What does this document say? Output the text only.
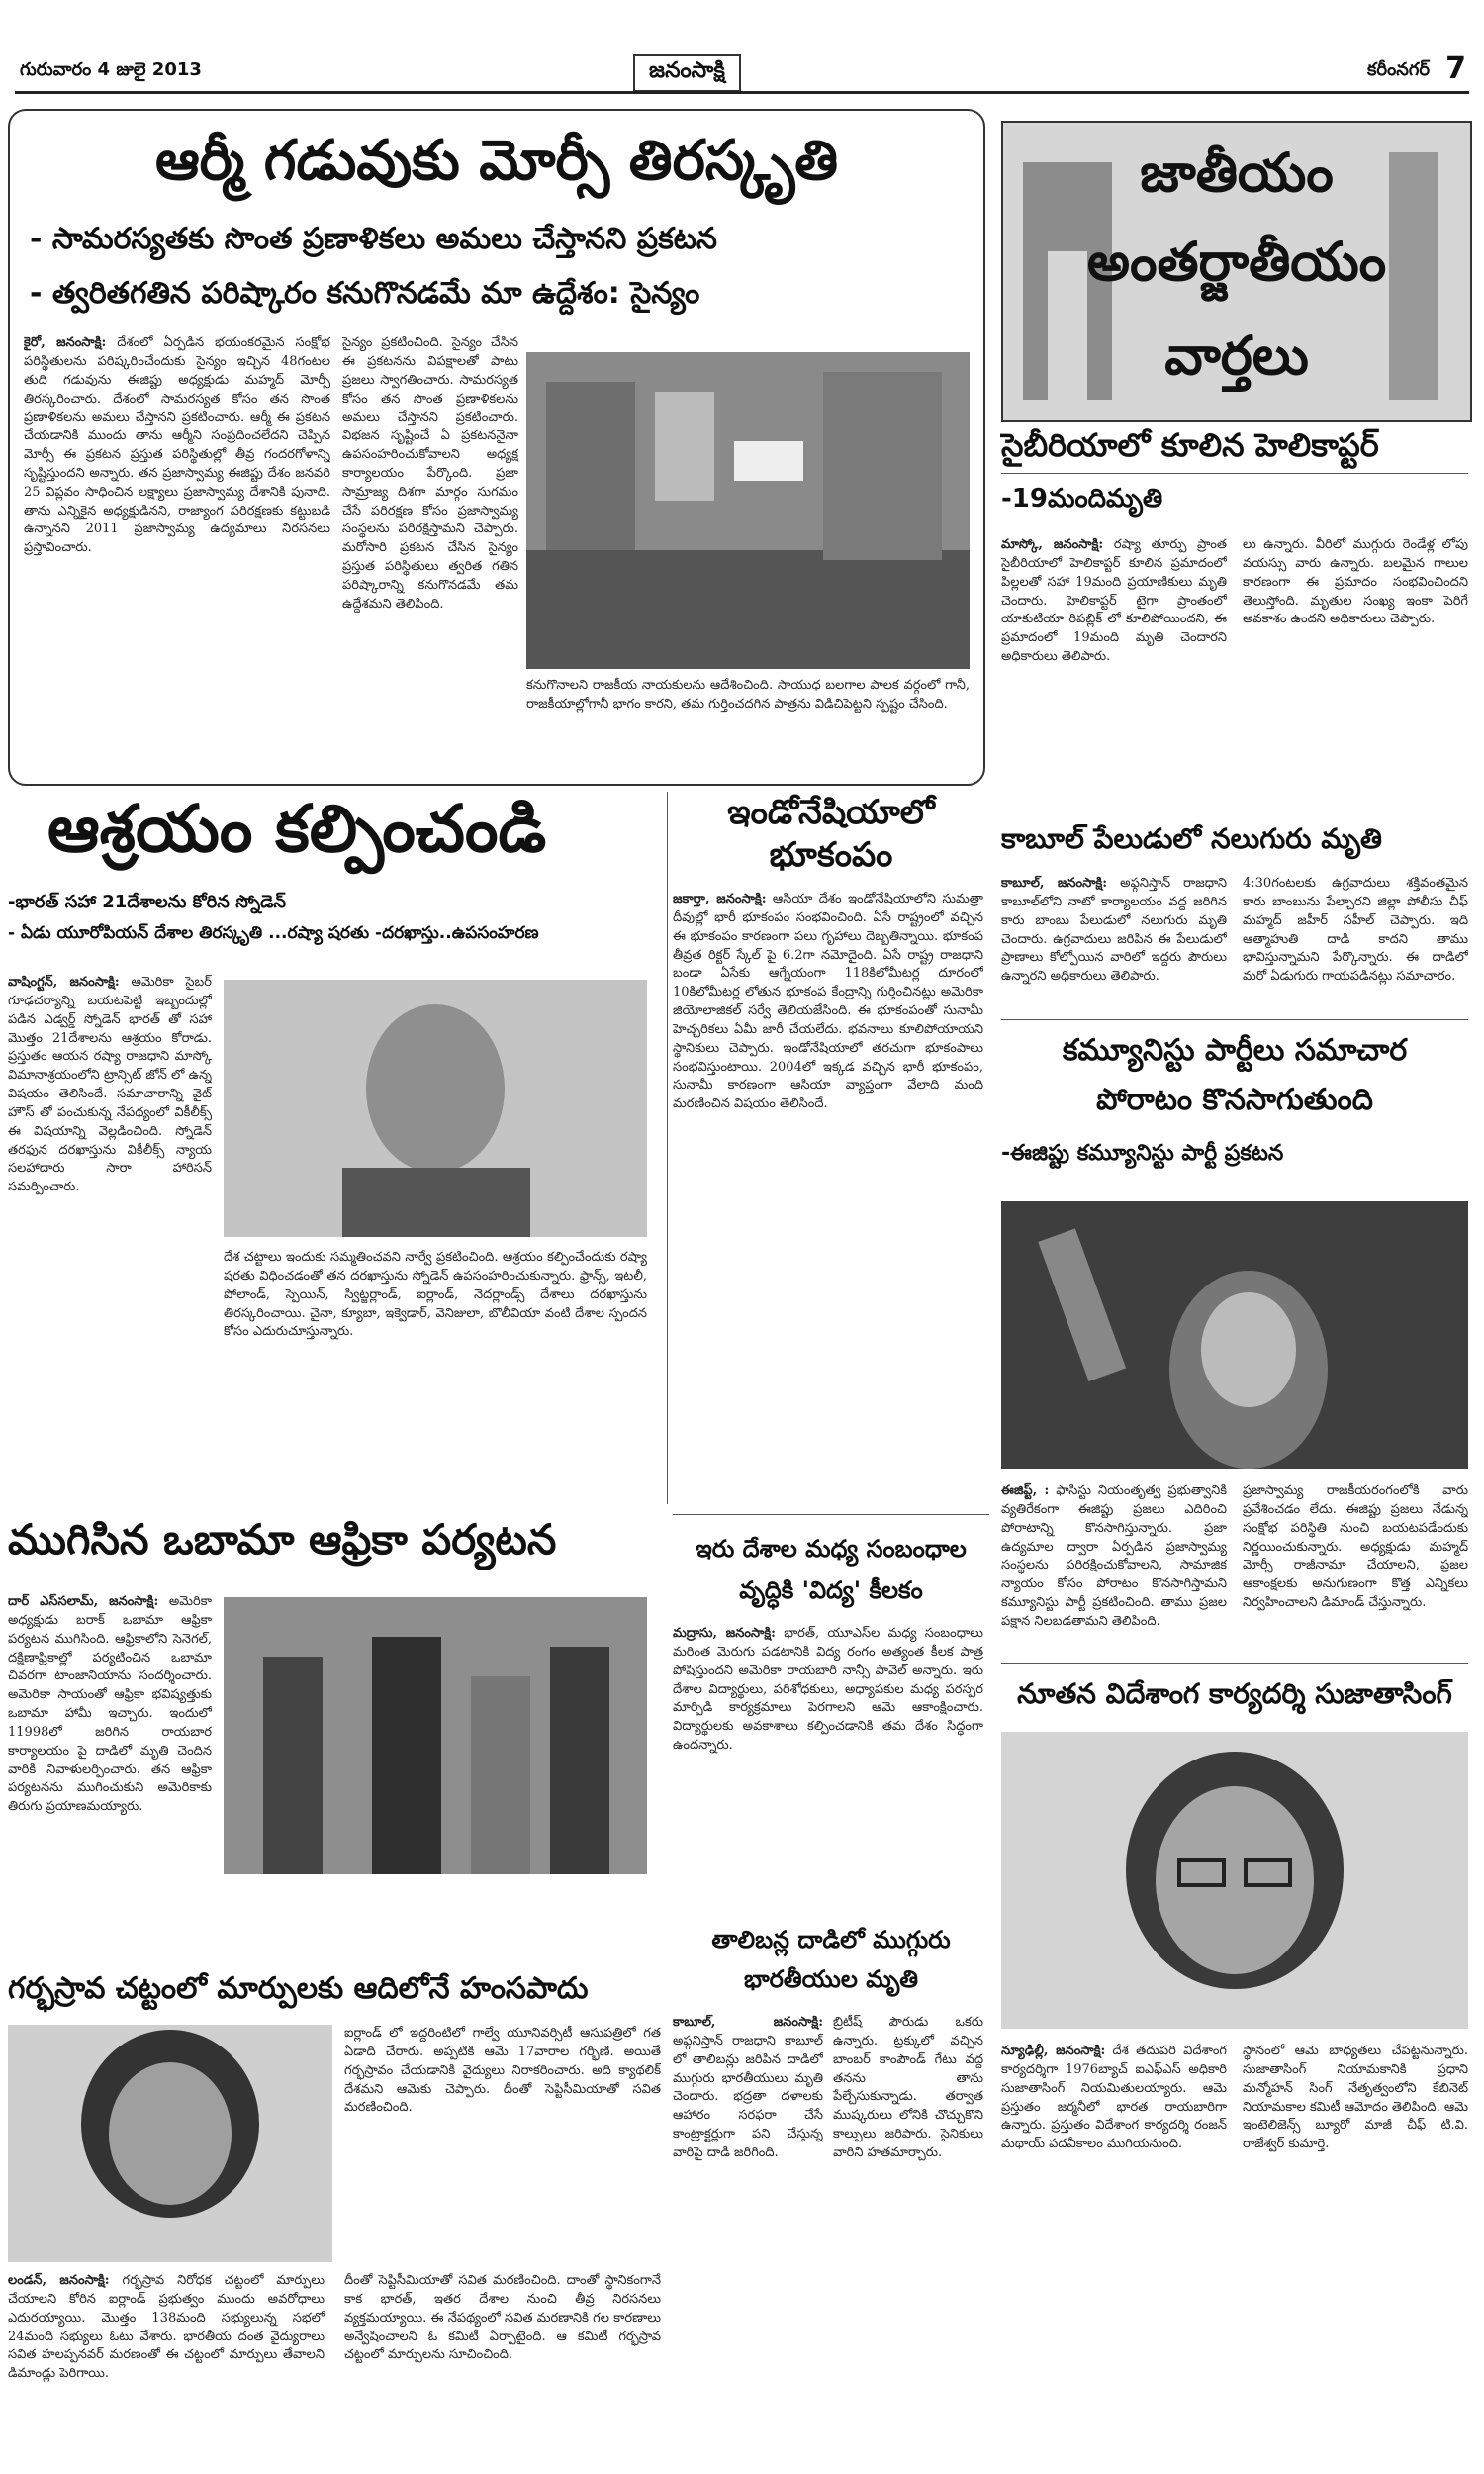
గురువారం 4 జులై 2013	జనంసాక్షి	కరీంనగర్ 7
ఆర్మీ గడువుకు మోర్సీ తిరస్కృతి
- సామరస్యతకు సొంత ప్రణాళికలు అమలు చేస్తానని ప్రకటన
- త్వరితగతిన పరిష్కారం కనుగొనడమే మా ఉద్దేశం: సైన్యం
కైరో, జనంసాక్షి: దేశంలో ఏర్పడిన భయంకరమైన సంక్షోభ పరిస్థితులను పరిష్కరించేందుకు సైన్యం ఇచ్చిన 48గంటల తుది గడువును ఈజిప్టు అధ్యక్షుడు మహ్మద్ మోర్సీ తిరస్కరించారు. దేశంలో సామరస్యత కోసం తన సొంత ప్రణాళికలను అమలు చేస్తానని ప్రకటించారు. ఆర్మీ ఈ ప్రకటన చేయడానికి ముందు తాను ఆర్మీని సంప్రదించలేదని చెప్పిన మోర్సీ ఈ ప్రకటన ప్రస్తుత పరిస్థితుల్లో తీవ్ర గందరగోళాన్ని సృష్టిస్తుందని అన్నారు. తన ప్రజాస్వామ్య ఈజిప్టు దేశం జనవరి 25 విప్లవం సాధించిన లక్ష్యాలు ప్రజాస్వామ్య దేశానికి పునాది. తాను ఎన్నికైన అధ్యక్షుడినని, రాజ్యాంగ పరిరక్షణకు కట్టుబడి ఉన్నానని 2011 ప్రజాస్వామ్య ఉద్యమాలు నిరసనలు ప్రస్తావించారు.
సైన్యం ప్రకటించింది. సైన్యం చేసిన ఈ ప్రకటనను విపక్షాలతో పాటు ప్రజలు స్వాగతించారు. సామరస్యత కోసం తన సొంత ప్రణాళికలను అమలు చేస్తానని ప్రకటించారు. విభజన సృష్టించే ఏ ప్రకటననైనా ఉపసంహరించుకోవాలని అధ్యక్ష కార్యాలయం పేర్కొంది. ప్రజా సామ్రాజ్య దిశగా మార్గం సుగమం చేసే పరిరక్షణ కోసం ప్రజాస్వామ్య సంస్థలను పరిరక్షిస్తామని చెప్పారు. మరోసారి ప్రకటన చేసిన సైన్యం ప్రస్తుత పరిస్థితులు త్వరిత గతిన పరిష్కారాన్ని కనుగొనడమే తమ ఉద్దేశమని తెలిపింది.
కనుగొనాలని రాజకీయ నాయకులను ఆదేశించింది. సాయుధ బలగాల పాలక వర్గంలో గానీ, రాజకీయాల్లోగానీ భాగం కారని, తమ గుర్తించదగిన పాత్రను విడిచిపెట్టని స్పష్టం చేసింది.
జాతీయం
అంతర్జాతీయం
వార్తలు
సైబీరియాలో కూలిన హెలికాప్టర్
-19మందిమృతి
మాస్కో, జనంసాక్షి: రష్యా తూర్పు ప్రాంత సైబీరియాలో హెలికాప్టర్ కూలిన ప్రమాదంలో పిల్లలతో సహా 19మంది ప్రయాణికులు మృతి చెందారు. హెలికాప్టర్ టైగా ప్రాంతంలో యాకుటియా రిపబ్లిక్ లో కూలిపోయిందని, ఈ ప్రమాదంలో 19మంది మృతి చెందారని అధికారులు తెలిపారు.
లు ఉన్నారు. వీరిలో ముగ్గురు రెండేళ్ల లోపు వయస్సు వారు ఉన్నారు. బలమైన గాలుల కారణంగా ఈ ప్రమాదం సంభవించిందని తెలుస్తోంది. మృతుల సంఖ్య ఇంకా పెరిగే అవకాశం ఉందని అధికారులు చెప్పారు.
కాబూల్ పేలుడులో నలుగురు మృతి
కాబూల్, జనంసాక్షి: అఫ్గనిస్తాన్ రాజధాని కాబూల్‌లోని నాటో కార్యాలయం వద్ద జరిగిన కారు బాంబు పేలుడులో నలుగురు మృతి చెందారు. ఉగ్రవాదులు జరిపిన ఈ పేలుడులో ప్రాణాలు కోల్పోయిన వారిలో ఇద్దరు పౌరులు ఉన్నారని అధికారులు తెలిపారు.
4:30గంటలకు ఉగ్రవాదులు శక్తివంతమైన కారు బాంబును పేల్చారని జిల్లా పోలీసు చీఫ్ మహ్మద్ జహీర్ సహీల్ చెప్పారు. ఇది ఆత్మాహుతి దాడి కాదని తాము భావిస్తున్నామని పేర్కొన్నారు. ఈ దాడిలో మరో ఏడుగురు గాయపడినట్లు సమాచారం.
కమ్యూనిస్టు పార్టీలు సమాచార
పోరాటం కొనసాగుతుంది
-ఈజిప్టు కమ్యూనిస్టు పార్టీ ప్రకటన
ఈజిప్ట్, : ఫాసిస్టు నియంతృత్వ ప్రభుత్వానికి వ్యతిరేకంగా ఈజిప్టు ప్రజలు ఎదిరించి పోరాటాన్ని కొనసాగిస్తున్నారు. ప్రజా ఉద్యమాల ద్వారా ఏర్పడిన ప్రజాస్వామ్య సంస్థలను పరిరక్షించుకోవాలని, సామాజిక న్యాయం కోసం పోరాటం కొనసాగిస్తామని కమ్యూనిస్టు పార్టీ ప్రకటించింది. తాము ప్రజల పక్షాన నిలబడతామని తెలిపింది.
ప్రజాస్వామ్య రాజకీయరంగంలోకి వారు ప్రవేశించడం లేదు. ఈజిప్టు ప్రజలు నేడున్న సంక్షోభ పరిస్థితి నుంచి బయటపడేందుకు నిర్ణయించుకున్నారు. అధ్యక్షుడు మహ్మద్ మోర్సీ రాజీనామా చేయాలని, ప్రజల ఆకాంక్షలకు అనుగుణంగా కొత్త ఎన్నికలు నిర్వహించాలని డిమాండ్ చేస్తున్నారు.
ఆశ్రయం కల్పించండి
-భారత్ సహా 21దేశాలను కోరిన స్నోడెన్
- ఏడు యూరోపియన్ దేశాల తిరస్కృతి ...రష్యా షరతు -దరఖాస్తు..ఉపసంహరణ
వాషింగ్టన్, జనంసాక్షి: అమెరికా సైబర్ గూఢచర్యాన్ని బయటపెట్టి ఇబ్బందుల్లో పడిన ఎడ్వర్డ్ స్నోడెన్ భారత్ తో సహా మొత్తం 21దేశాలను ఆశ్రయం కోరాడు. ప్రస్తుతం ఆయన రష్యా రాజధాని మాస్కో విమానాశ్రయంలోని ట్రాన్సిట్ జోన్ లో ఉన్న విషయం తెలిసిందే. సమాచారాన్ని వైట్ హౌస్ తో పంచుకున్న నేపథ్యంలో వికీలీక్స్ ఈ విషయాన్ని వెల్లడించింది. స్నోడెన్ తరఫున దరఖాస్తును వికీలీక్స్ న్యాయ సలహాదారు సారా హారిసన్ సమర్పించారు.
దేశ చట్టాలు ఇందుకు సమ్మతించవని నార్వే ప్రకటించింది. ఆశ్రయం కల్పించేందుకు రష్యా షరతు విధించడంతో తన దరఖాస్తును స్నోడెన్ ఉపసంహరించుకున్నారు. ఫ్రాన్స్, ఇటలీ, పోలాండ్, స్పెయిన్, స్విట్జర్లాండ్, ఐర్లాండ్, నెదర్లాండ్స్ దేశాలు దరఖాస్తును తిరస్కరించాయి. చైనా, క్యూబా, ఇక్వెడార్, వెనిజులా, బొలీవియా వంటి దేశాల స్పందన కోసం ఎదురుచూస్తున్నారు.
ఇండోనేషియాలో భూకంపం
జకార్తా, జనంసాక్షి: ఆసియా దేశం ఇండోనేషియాలోని సుమత్రా దీవుల్లో భారీ భూకంపం సంభవించింది. ఏసే రాష్ట్రంలో వచ్చిన ఈ భూకంపం కారణంగా పలు గృహాలు దెబ్బతిన్నాయి. భూకంప తీవ్రత రిక్టర్ స్కేల్ పై 6.2గా నమోదైంది. ఏసే రాష్ట్ర రాజధాని బండా ఏసేకు ఆగ్నేయంగా 118కిలోమీటర్ల దూరంలో 10కిలోమీటర్ల లోతున భూకంప కేంద్రాన్ని గుర్తించినట్లు అమెరికా జియోలాజికల్ సర్వే తెలియజేసింది. ఈ భూకంపంతో సునామీ హెచ్చరికలు ఏమీ జారీ చేయలేదు. భవనాలు కూలిపోయాయని స్థానికులు చెప్పారు. ఇండోనేషియాలో తరచుగా భూకంపాలు సంభవిస్తుంటాయి. 2004లో ఇక్కడ వచ్చిన భారీ భూకంపం, సునామీ కారణంగా ఆసియా వ్యాప్తంగా వేలాది మంది మరణించిన విషయం తెలిసిందే.
ముగిసిన ఒబామా ఆఫ్రికా పర్యటన
దార్ ఎస్‌సలామ్, జనంసాక్షి: అమెరికా అధ్యక్షుడు బరాక్ ఒబామా ఆఫ్రికా పర్యటన ముగిసింది. ఆఫ్రికాలోని సెనెగల్, దక్షిణాఫ్రికాల్లో పర్యటించిన ఒబామా చివరగా టాంజానియాను సందర్శించారు. అమెరికా సాయంతో ఆఫ్రికా భవిష్యత్తుకు ఒబామా హామీ ఇచ్చారు. ఇందులో 11998లో జరిగిన రాయబార కార్యాలయం పై దాడిలో మృతి చెందిన వారికి నివాళులర్పించారు. తన ఆఫ్రికా పర్యటనను ముగించుకుని అమెరికాకు తిరుగు ప్రయాణమయ్యారు.
ఇరు దేశాల మధ్య సంబంధాల
వృద్ధికి 'విద్య' కీలకం
మద్రాసు, జనంసాక్షి: భారత్, యూఎస్‌ల మధ్య సంబంధాలు మరింత మెరుగు పడటానికి విద్య రంగం అత్యంత కీలక పాత్ర పోషిస్తుందని అమెరికా రాయబారి నాన్సీ పావెల్ అన్నారు. ఇరు దేశాల విద్యార్థులు, పరిశోధకులు, అధ్యాపకుల మధ్య పరస్పర మార్పిడి కార్యక్రమాలు పెరగాలని ఆమె ఆకాంక్షించారు. విద్యార్థులకు అవకాశాలు కల్పించడానికి తమ దేశం సిద్ధంగా ఉందన్నారు.
తాలిబన్ల దాడిలో ముగ్గురు
భారతీయుల మృతి
కాబూల్, జనంసాక్షి: అఫ్గనిస్తాన్ రాజధాని కాబూల్ లో తాలిబన్లు జరిపిన దాడిలో ముగ్గురు భారతీయులు మృతి చెందారు. భద్రతా దళాలకు ఆహారం సరఫరా చేసే కాంట్రాక్టర్లుగా పని చేస్తున్న వారిపై దాడి జరిగింది.
బ్రిటీష్ పౌరుడు ఒకరు ఉన్నారు. ట్రక్కులో వచ్చిన బాంబర్ కాంపౌండ్ గేటు వద్ద తనను తాను పేల్చేసుకున్నాడు. తర్వాత ముష్కరులు లోనికి చొచ్చుకొని కాల్పులు జరిపారు. సైనికులు వారిని హతమార్చారు.
గర్భస్రావ చట్టంలో మార్పులకు ఆదిలోనే హంసపాదు
ఐర్లాండ్ లో ఇద్దరింటిలో గాల్వే యూనివర్సిటీ ఆసుపత్రిలో గత ఏడాది చేరారు. అప్పటికి ఆమె 17వారాల గర్భిణి. అయితే గర్భస్రావం చేయడానికి వైద్యులు నిరాకరించారు. అది క్యాథలిక్ దేశమని ఆమెకు చెప్పారు. దీంతో సెప్టిసీమియాతో సవిత మరణించింది.
లండన్, జనంసాక్షి: గర్భస్రావ నిరోధక చట్టంలో మార్పులు చేయాలని కోరిన ఐర్లాండ్ ప్రభుత్వం ముందు అవరోధాలు ఎదురయ్యాయి. మొత్తం 138మంది సభ్యులున్న సభలో 24మంది సభ్యులు ఓటు వేశారు. భారతీయ దంత వైద్యురాలు సవిత హలప్పనవర్ మరణంతో ఈ చట్టంలో మార్పులు తేవాలని డిమాండ్లు పెరిగాయి.
దీంతో సెప్టిసీమియాతో సవిత మరణించింది. దాంతో స్థానికంగానే కాక భారత్, ఇతర దేశాల నుంచి తీవ్ర నిరసనలు వ్యక్తమయ్యాయి. ఈ నేపథ్యంలో సవిత మరణానికి గల కారణాలు అన్వేషించాలని ఓ కమిటీ ఏర్పాటైంది. ఆ కమిటీ గర్భస్రావ చట్టంలో మార్పులను సూచించింది.
నూతన విదేశాంగ కార్యదర్శి సుజాతాసింగ్
న్యూఢిల్లీ, జనంసాక్షి: దేశ తదుపరి విదేశాంగ కార్యదర్శిగా 1976బ్యాచ్ ఐఎఫ్‌ఎస్ అధికారి సుజాతాసింగ్ నియమితులయ్యారు. ఆమె ప్రస్తుతం జర్మనీలో భారత రాయబారిగా ఉన్నారు. ప్రస్తుతం విదేశాంగ కార్యదర్శి రంజన్ మథాయ్ పదవీకాలం ముగియనుంది.
స్థానంలో ఆమె బాధ్యతలు చేపట్టనున్నారు. సుజాతాసింగ్ నియామకానికి ప్రధాని మన్మోహన్ సింగ్ నేతృత్వంలోని కేబినెట్ నియామకాల కమిటీ ఆమోదం తెలిపింది. ఆమె ఇంటెలిజెన్స్ బ్యూరో మాజీ చీఫ్ టి.వి. రాజేశ్వర్ కుమార్తె.
